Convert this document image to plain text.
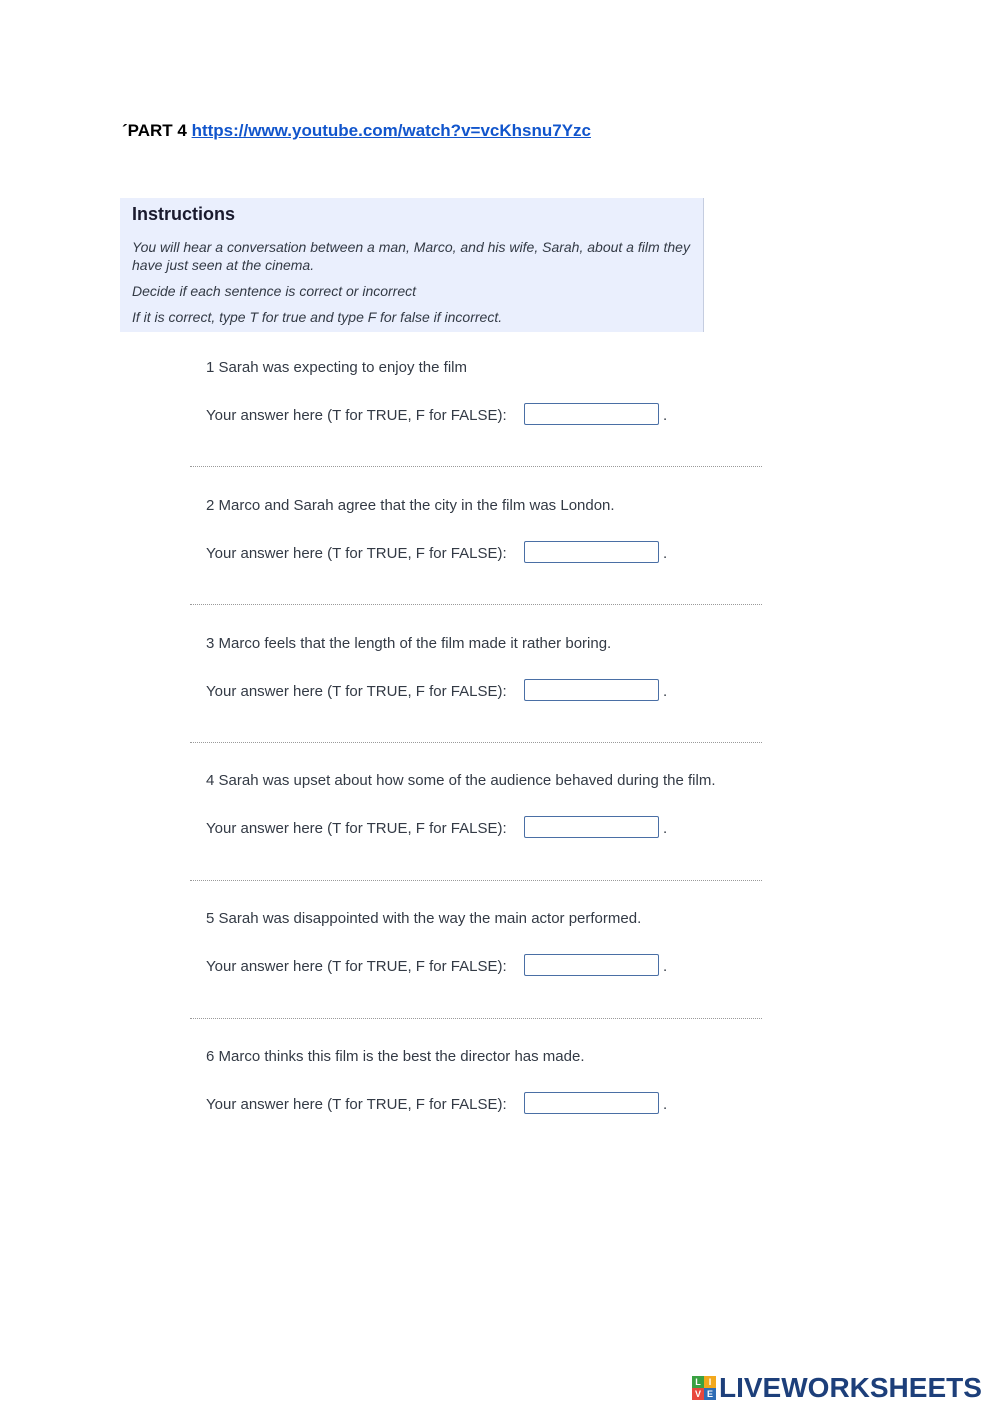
´PART 4 https://www.youtube.com/watch?v=vcKhsnu7Yzc
Instructions

You will hear a conversation between a man, Marco, and his wife, Sarah, about a film they have just seen at the cinema.

Decide if each sentence is correct or incorrect

If it is correct, type T for true and type F for false if incorrect.

1 Sarah was expecting to enjoy the film
Your answer here (T for TRUE, F for FALSE):	.
2 Marco and Sarah agree that the city in the film was London.
Your answer here (T for TRUE, F for FALSE):	.
3 Marco feels that the length of the film made it rather boring.
Your answer here (T for TRUE, F for FALSE):	.
4 Sarah was upset about how some of the audience behaved during the film.
Your answer here (T for TRUE, F for FALSE):	.
5 Sarah was disappointed with the way the main actor performed.
Your answer here (T for TRUE, F for FALSE):	.
6 Marco thinks this film is the best the director has made.
Your answer here (T for TRUE, F for FALSE):	.
L I
V E LIVEWORKSHEETS
